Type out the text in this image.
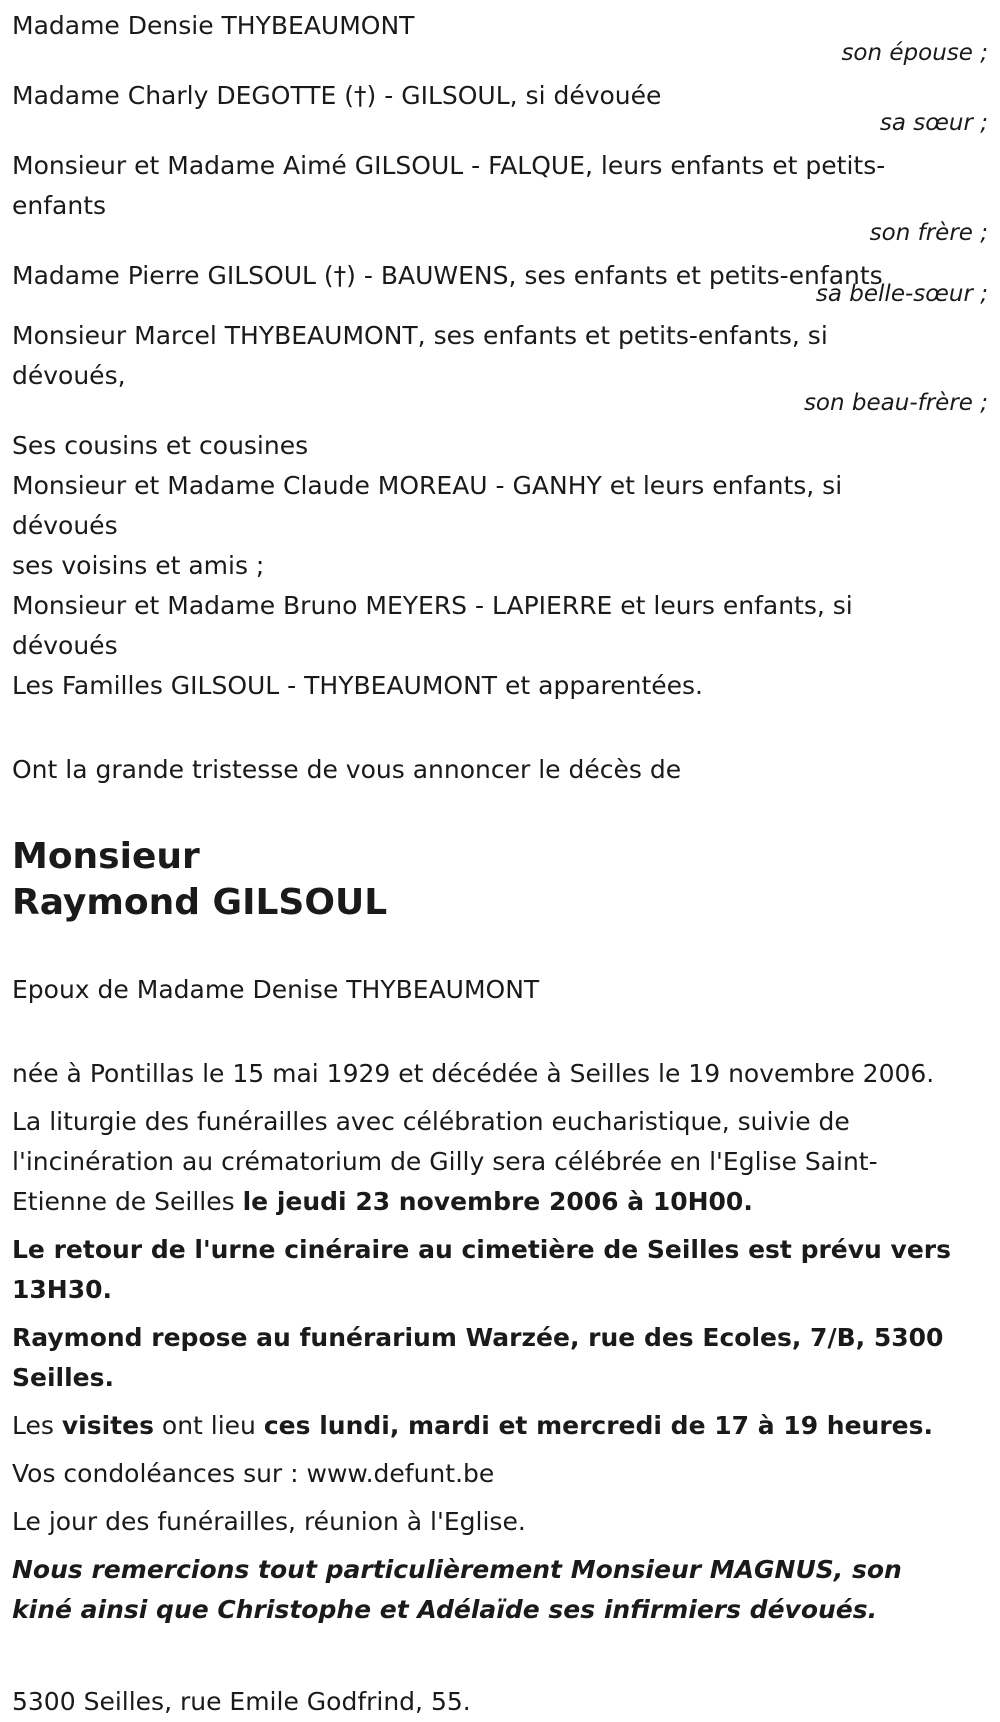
Madame Densie THYBEAUMONT

son épouse ;

Madame Charly DEGOTTE (†) - GILSOUL, si dévouée

sa sœur ;

Monsieur et Madame Aimé GILSOUL - FALQUE, leurs enfants et petits-enfants

son frère ;

Madame Pierre GILSOUL (†) - BAUWENS, ses enfants et petits-enfants

sa belle-sœur ;

Monsieur Marcel THYBEAUMONT, ses enfants et petits-enfants, si dévoués,

son beau-frère ;

Ses cousins et cousines

Monsieur et Madame Claude MOREAU - GANHY et leurs enfants, si dévoués

ses voisins et amis ;

Monsieur et Madame Bruno MEYERS - LAPIERRE et leurs enfants, si dévoués

Les Familles GILSOUL - THYBEAUMONT et apparentées.

Ont la grande tristesse de vous annoncer le décès de

Monsieur
Raymond GILSOUL

Epoux de Madame Denise THYBEAUMONT

née à Pontillas le 15 mai 1929 et décédée à Seilles le 19 novembre 2006.

La liturgie des funérailles avec célébration eucharistique, suivie de l'incinération au crématorium de Gilly sera célébrée en l'Eglise Saint-Etienne de Seilles le jeudi 23 novembre 2006 à 10H00.

Le retour de l'urne cinéraire au cimetière de Seilles est prévu vers 13H30.

Raymond repose au funérarium Warzée, rue des Ecoles, 7/B, 5300 Seilles.

Les visites ont lieu ces lundi, mardi et mercredi de 17 à 19 heures.

Vos condoléances sur : www.defunt.be

Le jour des funérailles, réunion à l'Eglise.

Nous remercions tout particulièrement Monsieur MAGNUS, son kiné ainsi que Christophe et Adélaïde ses infirmiers dévoués.

5300 Seilles, rue Emile Godfrind, 55.
